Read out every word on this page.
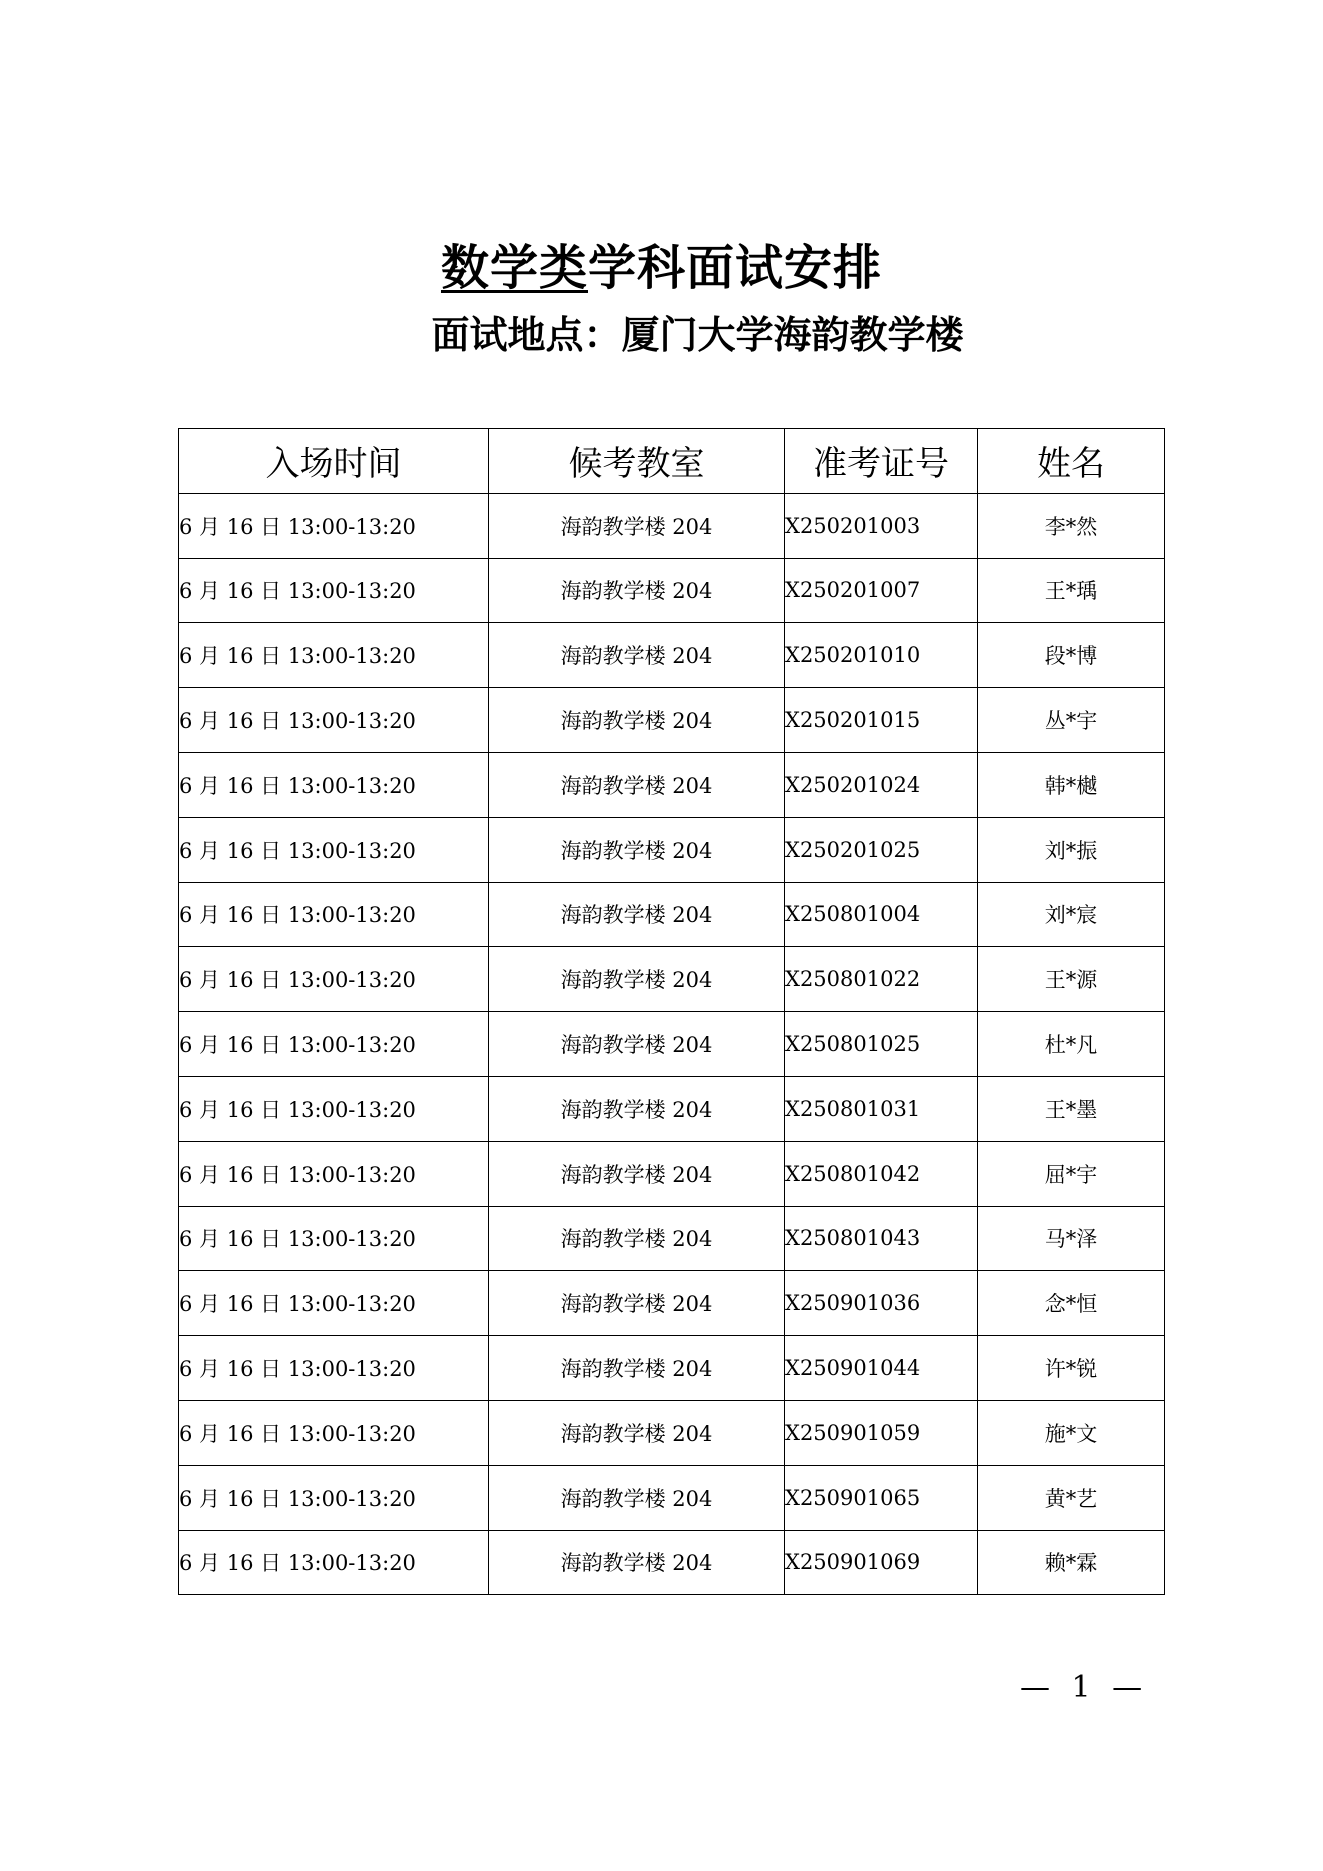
数学类学科面试安排
面试地点：厦门大学海韵教学楼
入场时间	候考教室	准考证号	姓名
6 月 16 日 13:00-13:20	海韵教学楼 204	X250201003	李*然
6 月 16 日 13:00-13:20	海韵教学楼 204	X250201007	王*瑀
6 月 16 日 13:00-13:20	海韵教学楼 204	X250201010	段*博
6 月 16 日 13:00-13:20	海韵教学楼 204	X250201015	丛*宇
6 月 16 日 13:00-13:20	海韵教学楼 204	X250201024	韩*樾
6 月 16 日 13:00-13:20	海韵教学楼 204	X250201025	刘*振
6 月 16 日 13:00-13:20	海韵教学楼 204	X250801004	刘*宸
6 月 16 日 13:00-13:20	海韵教学楼 204	X250801022	王*源
6 月 16 日 13:00-13:20	海韵教学楼 204	X250801025	杜*凡
6 月 16 日 13:00-13:20	海韵教学楼 204	X250801031	王*墨
6 月 16 日 13:00-13:20	海韵教学楼 204	X250801042	屈*宇
6 月 16 日 13:00-13:20	海韵教学楼 204	X250801043	马*泽
6 月 16 日 13:00-13:20	海韵教学楼 204	X250901036	念*恒
6 月 16 日 13:00-13:20	海韵教学楼 204	X250901044	许*锐
6 月 16 日 13:00-13:20	海韵教学楼 204	X250901059	施*文
6 月 16 日 13:00-13:20	海韵教学楼 204	X250901065	黄*艺
6 月 16 日 13:00-13:20	海韵教学楼 204	X250901069	赖*霖
— 1 —
